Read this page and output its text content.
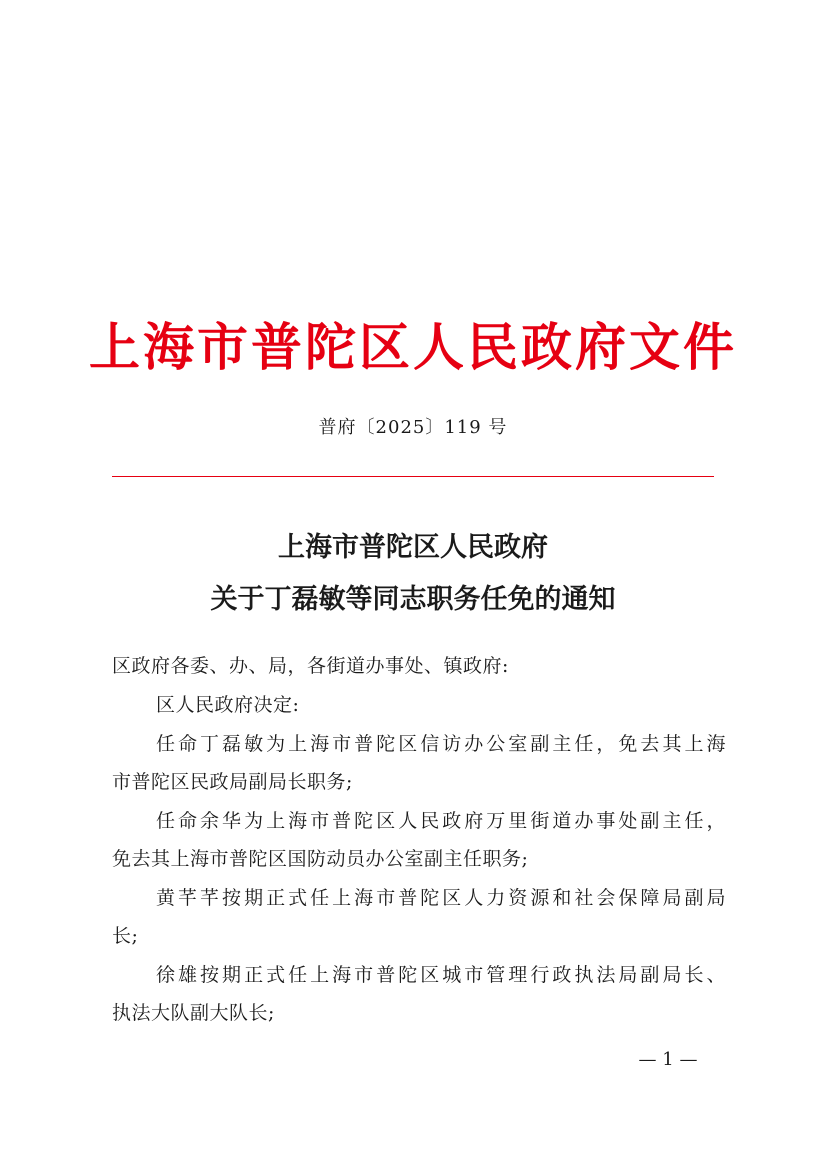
上海市普陀区人民政府文件
普府〔2025〕119 号
上海市普陀区人民政府
关于丁磊敏等同志职务任免的通知
区政府各委、办、局，各街道办事处、镇政府:
区人民政府决定:
任命丁磊敏为上海市普陀区信访办公室副主任，免去其上海
市普陀区民政局副局长职务;
任命余华为上海市普陀区人民政府万里街道办事处副主任，
免去其上海市普陀区国防动员办公室副主任职务;
黄芊芊按期正式任上海市普陀区人力资源和社会保障局副局
长;
徐雄按期正式任上海市普陀区城市管理行政执法局副局长、
执法大队副大队长;
— 1 —
